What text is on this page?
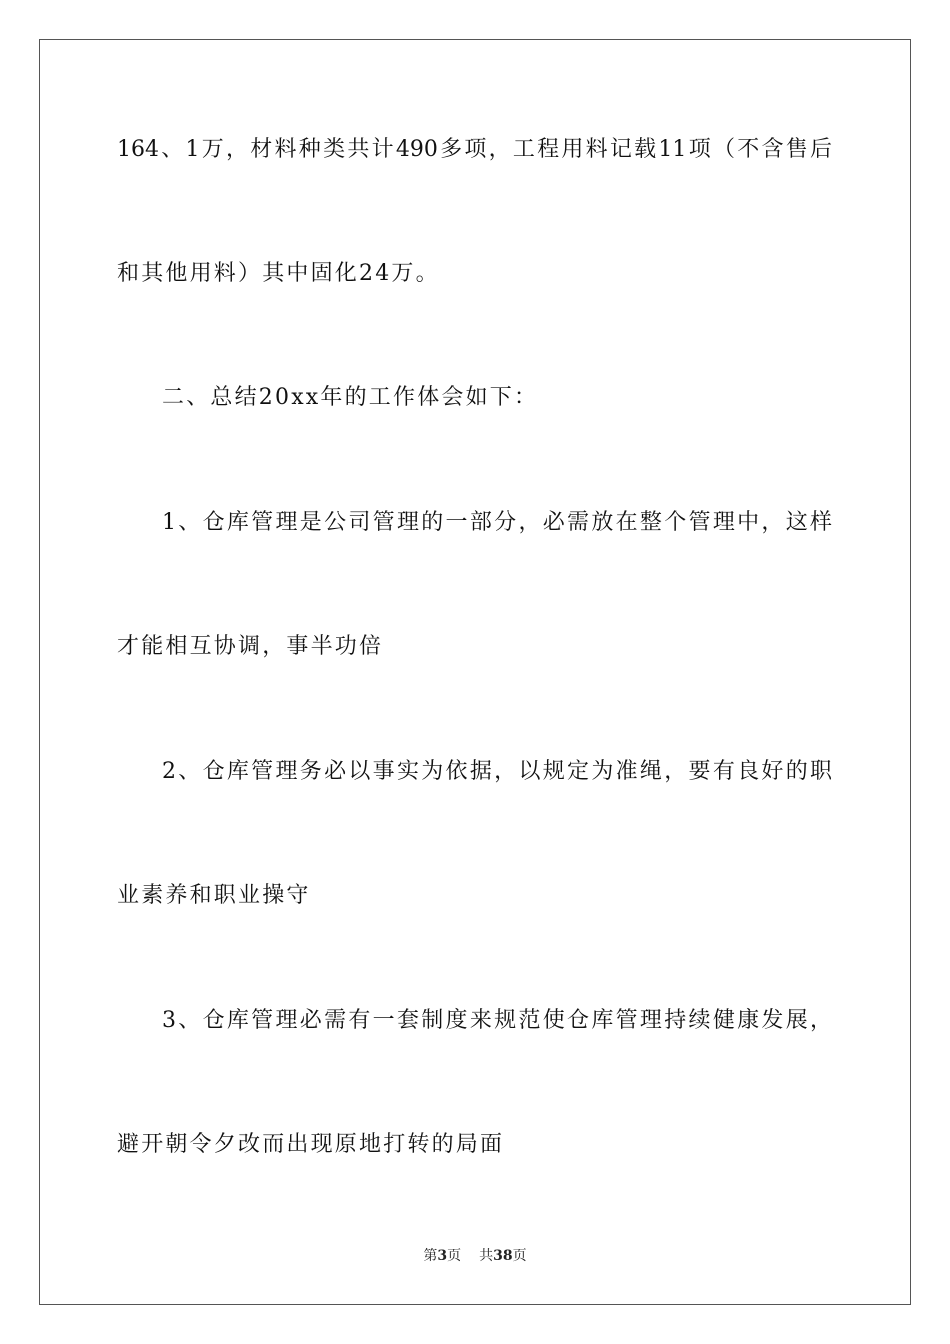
164、1万，材料种类共计490多项，工程用料记载11项（不含售后
和其他用料）其中固化24万。
二、总结20xx年的工作体会如下：
1、仓库管理是公司管理的一部分，必需放在整个管理中，这样
才能相互协调，事半功倍
2、仓库管理务必以事实为依据，以规定为准绳，要有良好的职
业素养和职业操守
3、仓库管理必需有一套制度来规范使仓库管理持续健康发展，
避开朝令夕改而出现原地打转的局面
第3页 共38页
